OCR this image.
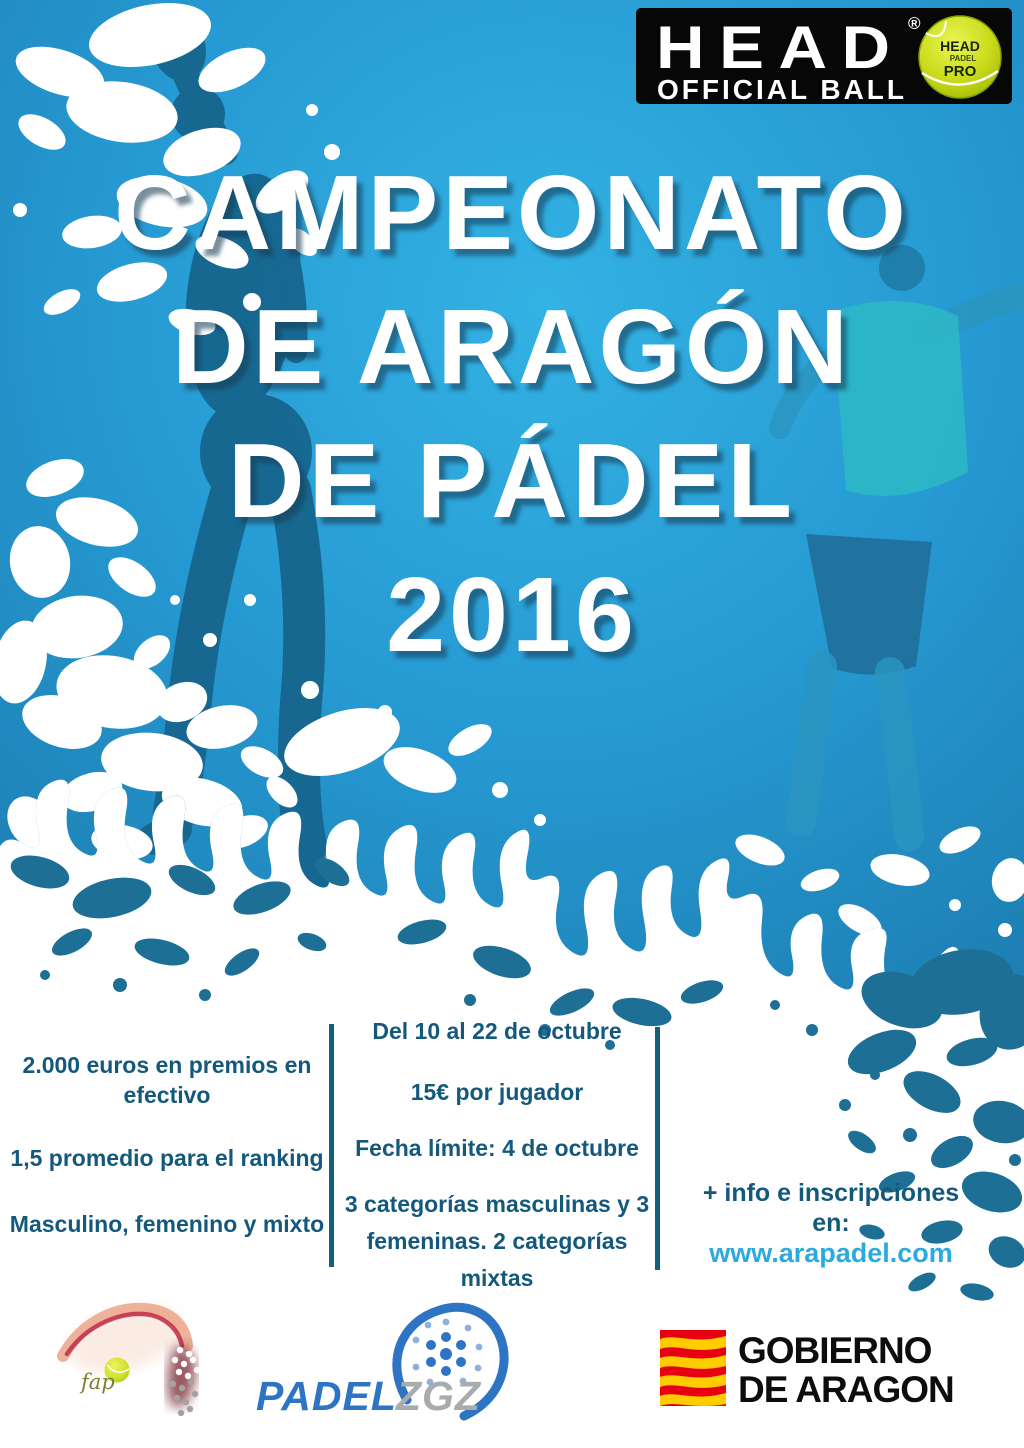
HEAD ®
OFFICIAL BALL
HEAD
PADEL
PRO
CAMPEONATO
DE ARAGÓN
DE PÁDEL
2016
2.000 euros en premios en efectivo
1,5 promedio para el ranking
Masculino, femenino y mixto
Del 10 al 22 de octubre
15€ por jugador
Fecha límite: 4 de octubre
3 categorías masculinas y 3 femeninas. 2 categorías mixtas
+ info e inscripciones
en:
www.arapadel.com
fap	PADEL ZGZ
GOBIERNO
DE ARAGON
